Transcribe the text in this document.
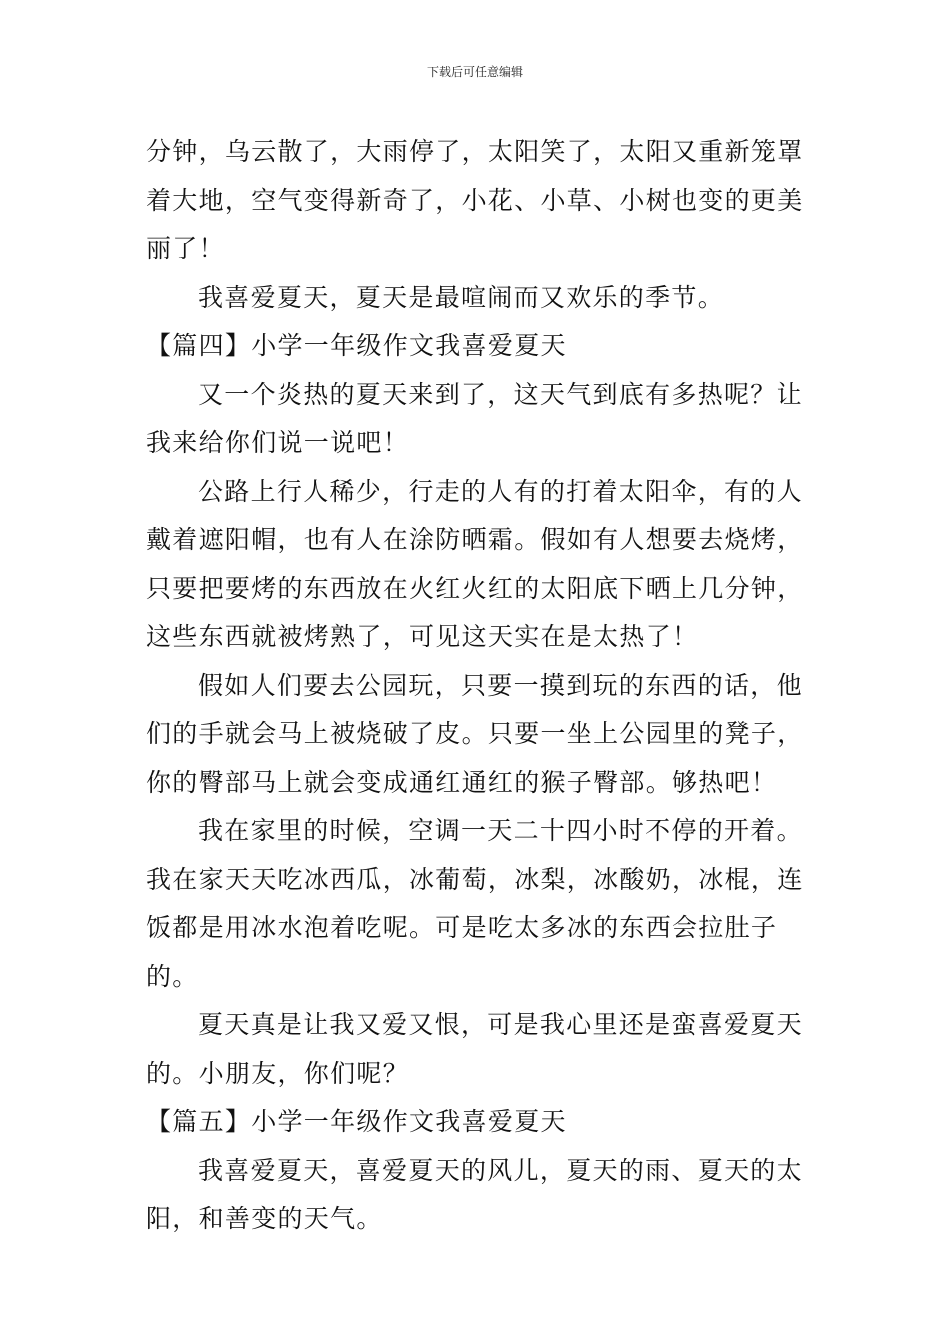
下载后可任意编辑

分钟，乌云散了，大雨停了，太阳笑了，太阳又重新笼罩着大地，空气变得新奇了，小花、小草、小树也变的更美丽了！

我喜爱夏天，夏天是最喧闹而又欢乐的季节。

【篇四】小学一年级作文我喜爱夏天

又一个炎热的夏天来到了，这天气到底有多热呢？让我来给你们说一说吧！

公路上行人稀少，行走的人有的打着太阳伞，有的人戴着遮阳帽，也有人在涂防晒霜。假如有人想要去烧烤，只要把要烤的东西放在火红火红的太阳底下晒上几分钟，这些东西就被烤熟了，可见这天实在是太热了！

假如人们要去公园玩，只要一摸到玩的东西的话，他们的手就会马上被烧破了皮。只要一坐上公园里的凳子，你的臀部马上就会变成通红通红的猴子臀部。够热吧！

我在家里的时候，空调一天二十四小时不停的开着。我在家天天吃冰西瓜，冰葡萄，冰梨，冰酸奶，冰棍，连饭都是用冰水泡着吃呢。可是吃太多冰的东西会拉肚子的。

夏天真是让我又爱又恨，可是我心里还是蛮喜爱夏天的。小朋友，你们呢？

【篇五】小学一年级作文我喜爱夏天

我喜爱夏天，喜爱夏天的风儿，夏天的雨、夏天的太阳，和善变的天气。
